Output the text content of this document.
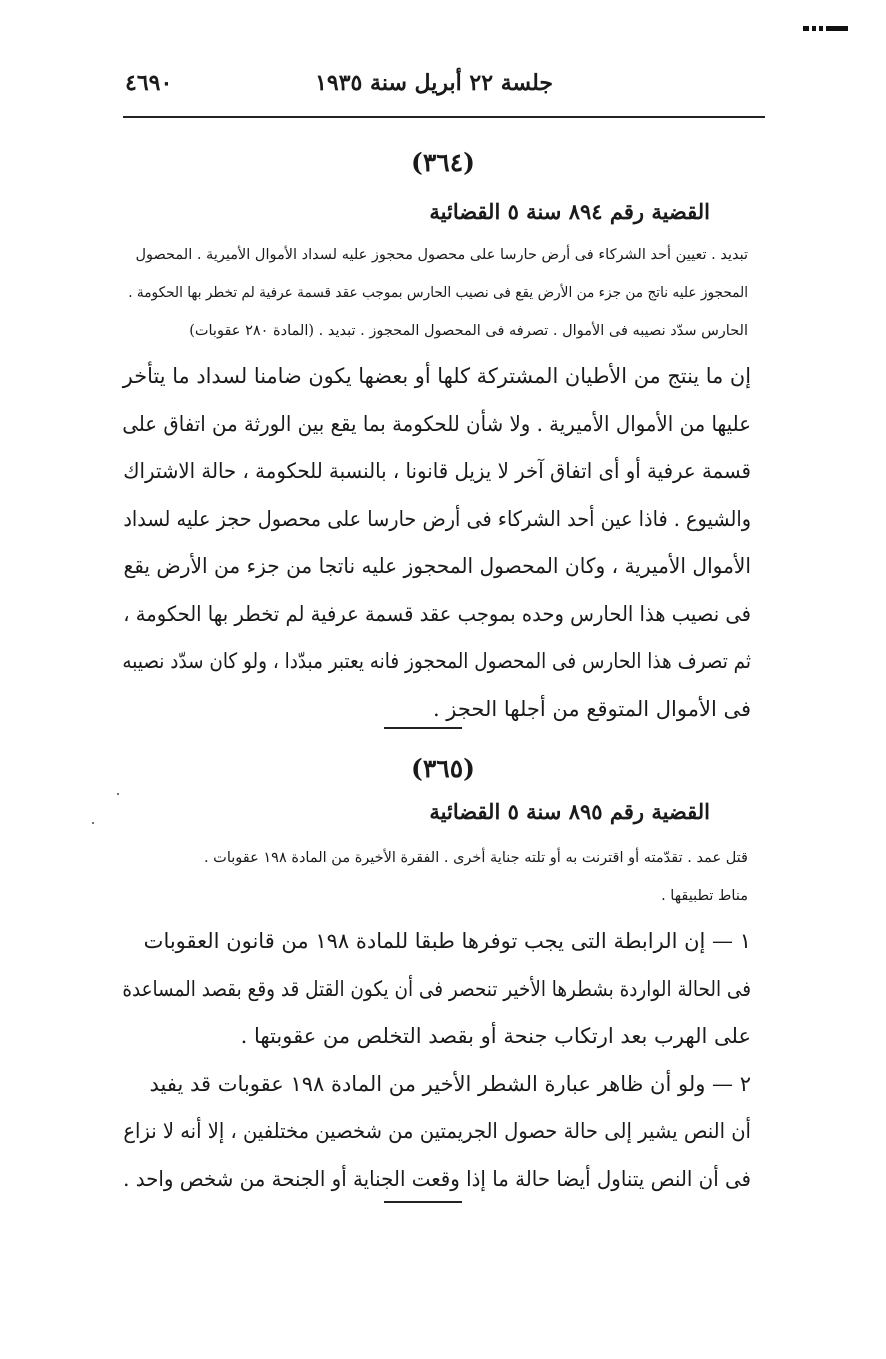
جلسة ٢٢ أبريل سنة ١٩٣٥
٤٦٩٠
(٣٦٤)
القضية رقم ٨٩٤ سنة ٥ القضائية

تبديد . تعيين أحد الشركاء فى أرض حارسا على محصول محجوز عليه لسداد الأموال الأميرية . المحصول

المحجوز عليه ناتج من جزء من الأرض يقع فى نصيب الحارس بموجب عقد قسمة عرفية لم تخطر بها الحكومة .

الحارس سدّد نصيبه فى الأموال . تصرفه فى المحصول المحجوز . تبديد . (المادة ٢٨٠ عقوبات)

إن ما ينتج من الأطيان المشتركة كلها أو بعضها يكون ضامنا لسداد ما يتأخر

عليها من الأموال الأميرية . ولا شأن للحكومة بما يقع بين الورثة من اتفاق على

قسمة عرفية أو أى اتفاق آخر لا يزيل قانونا ، بالنسبة للحكومة ، حالة الاشتراك

والشيوع . فاذا عين أحد الشركاء فى أرض حارسا على محصول حجز عليه لسداد

الأموال الأميرية ، وكان المحصول المحجوز عليه ناتجا من جزء من الأرض يقع

فى نصيب هذا الحارس وحده بموجب عقد قسمة عرفية لم تخطر بها الحكومة ،

ثم تصرف هذا الحارس فى المحصول المحجوز فانه يعتبر مبدّدا ، ولو كان سدّد نصيبه

فى الأموال المتوقع من أجلها الحجز .

(٣٦٥)
القضية رقم ٨٩٥ سنة ٥ القضائية

قتل عمد . تقدّمته أو اقترنت به أو تلته جناية أخرى . الفقرة الأخيرة من المادة ١٩٨ عقوبات .

مناط تطبيقها .

١ — إن الرابطة التى يجب توفرها طبقا للمادة ١٩٨ من قانون العقوبات

فى الحالة الواردة بشطرها الأخير تنحصر فى أن يكون القتل قد وقع بقصد المساعدة

على الهرب بعد ارتكاب جنحة أو بقصد التخلص من عقوبتها .

٢ — ولو أن ظاهر عبارة الشطر الأخير من المادة ١٩٨ عقوبات قد يفيد

أن النص يشير إلى حالة حصول الجريمتين من شخصين مختلفين ، إلا أنه لا نزاع

فى أن النص يتناول أيضا حالة ما إذا وقعت الجناية أو الجنحة من شخص واحد .
